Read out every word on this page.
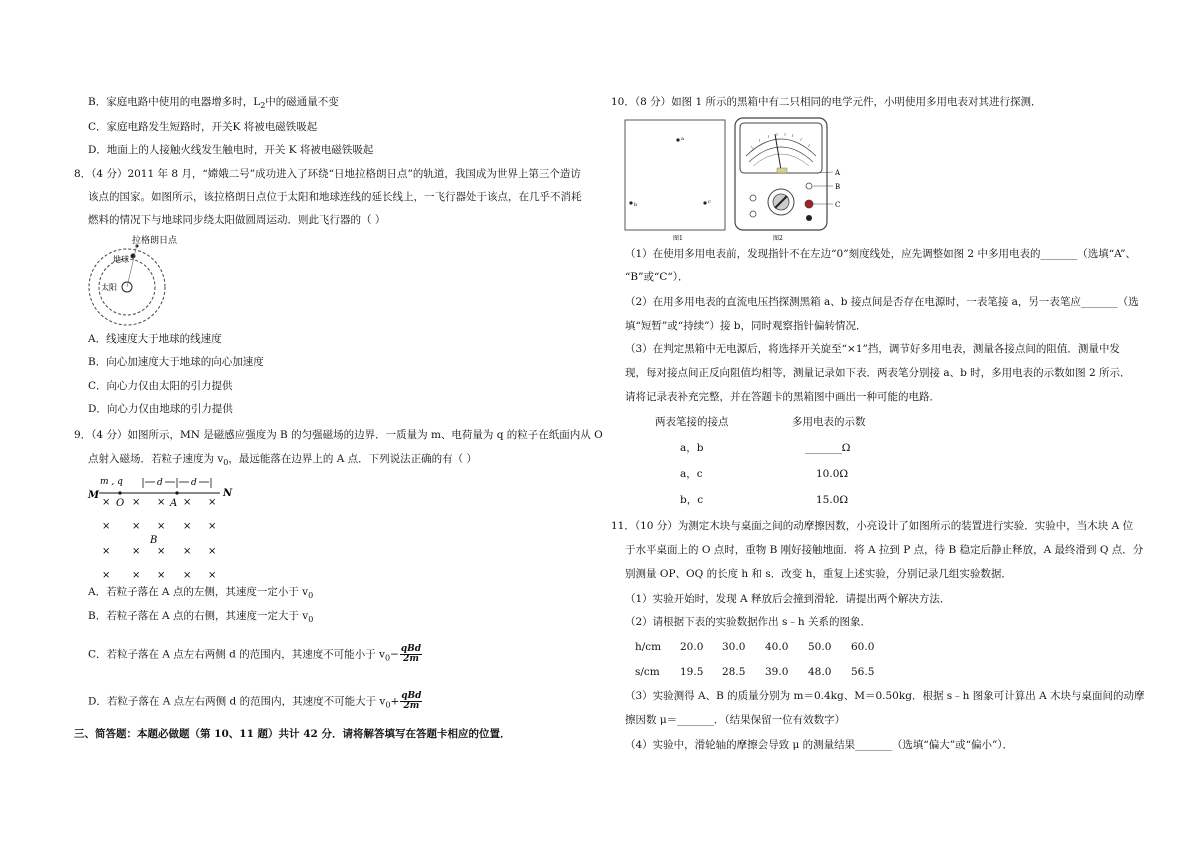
B．家庭电路中使用的电器增多时，$L_2$中的磁通量不变
C．家庭电路发生短路时，开关K 将被电磁铁吸起
D．地面上的人接触火线发生触电时，开关 K 将被电磁铁吸起
8．（4 分）2011 年 8 月，“嫦娥二号”成功进入了环绕“日地拉格朗日点”的轨道，我国成为世界上第三个造访
该点的国家。如图所示，该拉格朗日点位于太阳和地球连线的延长线上，一飞行器处于该点，在几乎不消耗
燃料的情况下与地球同步绕太阳做圆周运动．则此飞行器的（ ）
拉格朗日点
地球
太阳
A．线速度大于地球的线速度
B．向心加速度大于地球的向心加速度
C．向心力仅由太阳的引力提供
D．向心力仅由地球的引力提供
9．（4 分）如图所示，MN 是磁感应强度为 B 的匀强磁场的边界．一质量为 m、电荷量为 q 的粒子在纸面内从 O
点射入磁场．若粒子速度为 $v_0$，最远能落在边界上的 A 点．下列说法正确的有（ ）
M	N
m , q	d	d
O	A
B
× × × × ×
× × × × ×
× × × × ×
× × × × ×
A．若粒子落在 A 点的左侧，其速度一定小于 $v_0$
B．若粒子落在 A 点的右侧，其速度一定大于 $v_0$
C．若粒子落在 A 点左右两侧 d 的范围内，其速度不可能小于 $v_0- \frac{\text{qBd}}{2m}$
D．若粒子落在 A 点左右两侧 d 的范围内，其速度不可能大于 $v_0+ \frac{\text{qBd}}{2m}$
三、简答题：本题必做题（第 10、11 题）共计 42 分．请将解答填写在答题卡相应的位置．
10．（8 分）如图 1 所示的黑箱中有二只相同的电学元件，小明使用多用电表对其进行探测．
a
b	c
图1
A
B
C
图2
（1）在使用多用电表前，发现指针不在左边“0”刻度线处，应先调整如图 2 中多用电表的_______（选填“A”、
“B”或“C“）．
（2）在用多用电表的直流电压挡探测黑箱 a、b 接点间是否存在电源时，一表笔接 a，另一表笔应_______（选
填“短暂”或“持续”）接 b，同时观察指针偏转情况．
（3）在判定黑箱中无电源后，将选择开关旋至“×1”挡，调节好多用电表，测量各接点间的阻值．测量中发
现，每对接点间正反向阻值均相等，测量记录如下表．两表笔分别接 a、b 时，多用电表的示数如图 2 所示．
请将记录表补充完整，并在答题卡的黑箱图中画出一种可能的电路．
两表笔接的接点	多用电表的示数
a，b	_______Ω
a，c	10.0Ω
b，c	15.0Ω
11．（10 分）为测定木块与桌面之间的动摩擦因数，小亮设计了如图所示的装置进行实验．实验中，当木块 A 位
于水平桌面上的 O 点时，重物 B 刚好接触地面．将 A 拉到 P 点，待 B 稳定后静止释放，A 最终滑到 Q 点．分
别测量 OP、OQ 的长度 h 和 s．改变 h，重复上述实验，分别记录几组实验数据．
（1）实验开始时，发现 A 释放后会撞到滑轮．请提出两个解决方法．
（2）请根据下表的实验数据作出 s﹣h 关系的图象．
h/cm 20.0 30.0 40.0 50.0 60.0
s/cm 19.5 28.5 39.0 48.0 56.5
（3）实验测得 A、B 的质量分别为 m＝0.4kg、M＝0.50kg．根据 s﹣h 图象可计算出 A 木块与桌面间的动摩
擦因数 μ＝_______．（结果保留一位有效数字）
（4）实验中，滑轮轴的摩擦会导致 μ 的测量结果_______（选填“偏大”或“偏小”）．
